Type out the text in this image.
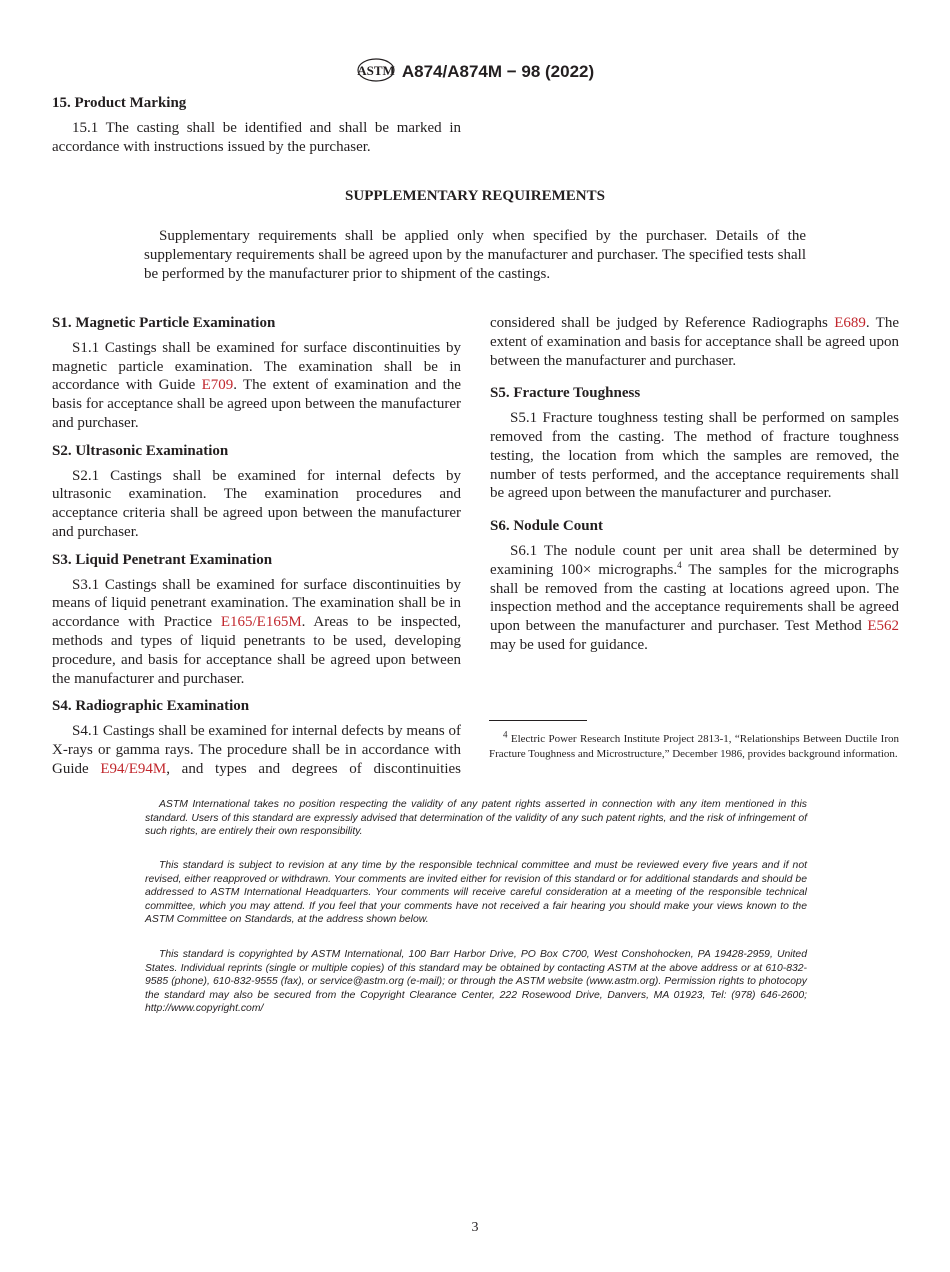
ASTM A874/A874M − 98 (2022)
15. Product Marking

15.1 The casting shall be identified and shall be marked in accordance with instructions issued by the purchaser.

SUPPLEMENTARY REQUIREMENTS

Supplementary requirements shall be applied only when specified by the purchaser. Details of the supplementary requirements shall be agreed upon by the manufacturer and purchaser. The specified tests shall be performed by the manufacturer prior to shipment of the castings.

S1. Magnetic Particle Examination

S1.1 Castings shall be examined for surface discontinuities by magnetic particle examination. The examination shall be in accordance with Guide E709. The extent of examination and the basis for acceptance shall be agreed upon between the manufacturer and purchaser.

S2. Ultrasonic Examination

S2.1 Castings shall be examined for internal defects by ultrasonic examination. The examination procedures and acceptance criteria shall be agreed upon between the manufacturer and purchaser.

S3. Liquid Penetrant Examination

S3.1 Castings shall be examined for surface discontinuities by means of liquid penetrant examination. The examination shall be in accordance with Practice E165/E165M. Areas to be inspected, methods and types of liquid penetrants to be used, developing procedure, and basis for acceptance shall be agreed upon between the manufacturer and purchaser.

S4. Radiographic Examination

S4.1 Castings shall be examined for internal defects by means of X-rays or gamma rays. The procedure shall be in accordance with Guide E94/E94M, and types and degrees of discontinuities considered shall be judged by Reference Radiographs E689. The extent of examination and basis for acceptance shall be agreed upon between the manufacturer and purchaser.

S5. Fracture Toughness

S5.1 Fracture toughness testing shall be performed on samples removed from the casting. The method of fracture toughness testing, the location from which the samples are removed, the number of tests performed, and the acceptance requirements shall be agreed upon between the manufacturer and purchaser.

S6. Nodule Count

S6.1 The nodule count per unit area shall be determined by examining 100× micrographs.$^4$ The samples for the micrographs shall be removed from the casting at locations agreed upon. The inspection method and the acceptance requirements shall be agreed upon between the manufacturer and purchaser. Test Method E562 may be used for guidance.

$^4$ Electric Power Research Institute Project 2813-1, “Relationships Between Ductile Iron Fracture Toughness and Microstructure,” December 1986, provides background information.

ASTM International takes no position respecting the validity of any patent rights asserted in connection with any item mentioned in this standard. Users of this standard are expressly advised that determination of the validity of any such patent rights, and the risk of infringement of such rights, are entirely their own responsibility.

This standard is subject to revision at any time by the responsible technical committee and must be reviewed every five years and if not revised, either reapproved or withdrawn. Your comments are invited either for revision of this standard or for additional standards and should be addressed to ASTM International Headquarters. Your comments will receive careful consideration at a meeting of the responsible technical committee, which you may attend. If you feel that your comments have not received a fair hearing you should make your views known to the ASTM Committee on Standards, at the address shown below.

This standard is copyrighted by ASTM International, 100 Barr Harbor Drive, PO Box C700, West Conshohocken, PA 19428-2959, United States. Individual reprints (single or multiple copies) of this standard may be obtained by contacting ASTM at the above address or at 610-832-9585 (phone), 610-832-9555 (fax), or service@astm.org (e-mail); or through the ASTM website (www.astm.org). Permission rights to photocopy the standard may also be secured from the Copyright Clearance Center, 222 Rosewood Drive, Danvers, MA 01923, Tel: (978) 646-2600; http://www.copyright.com/

3
